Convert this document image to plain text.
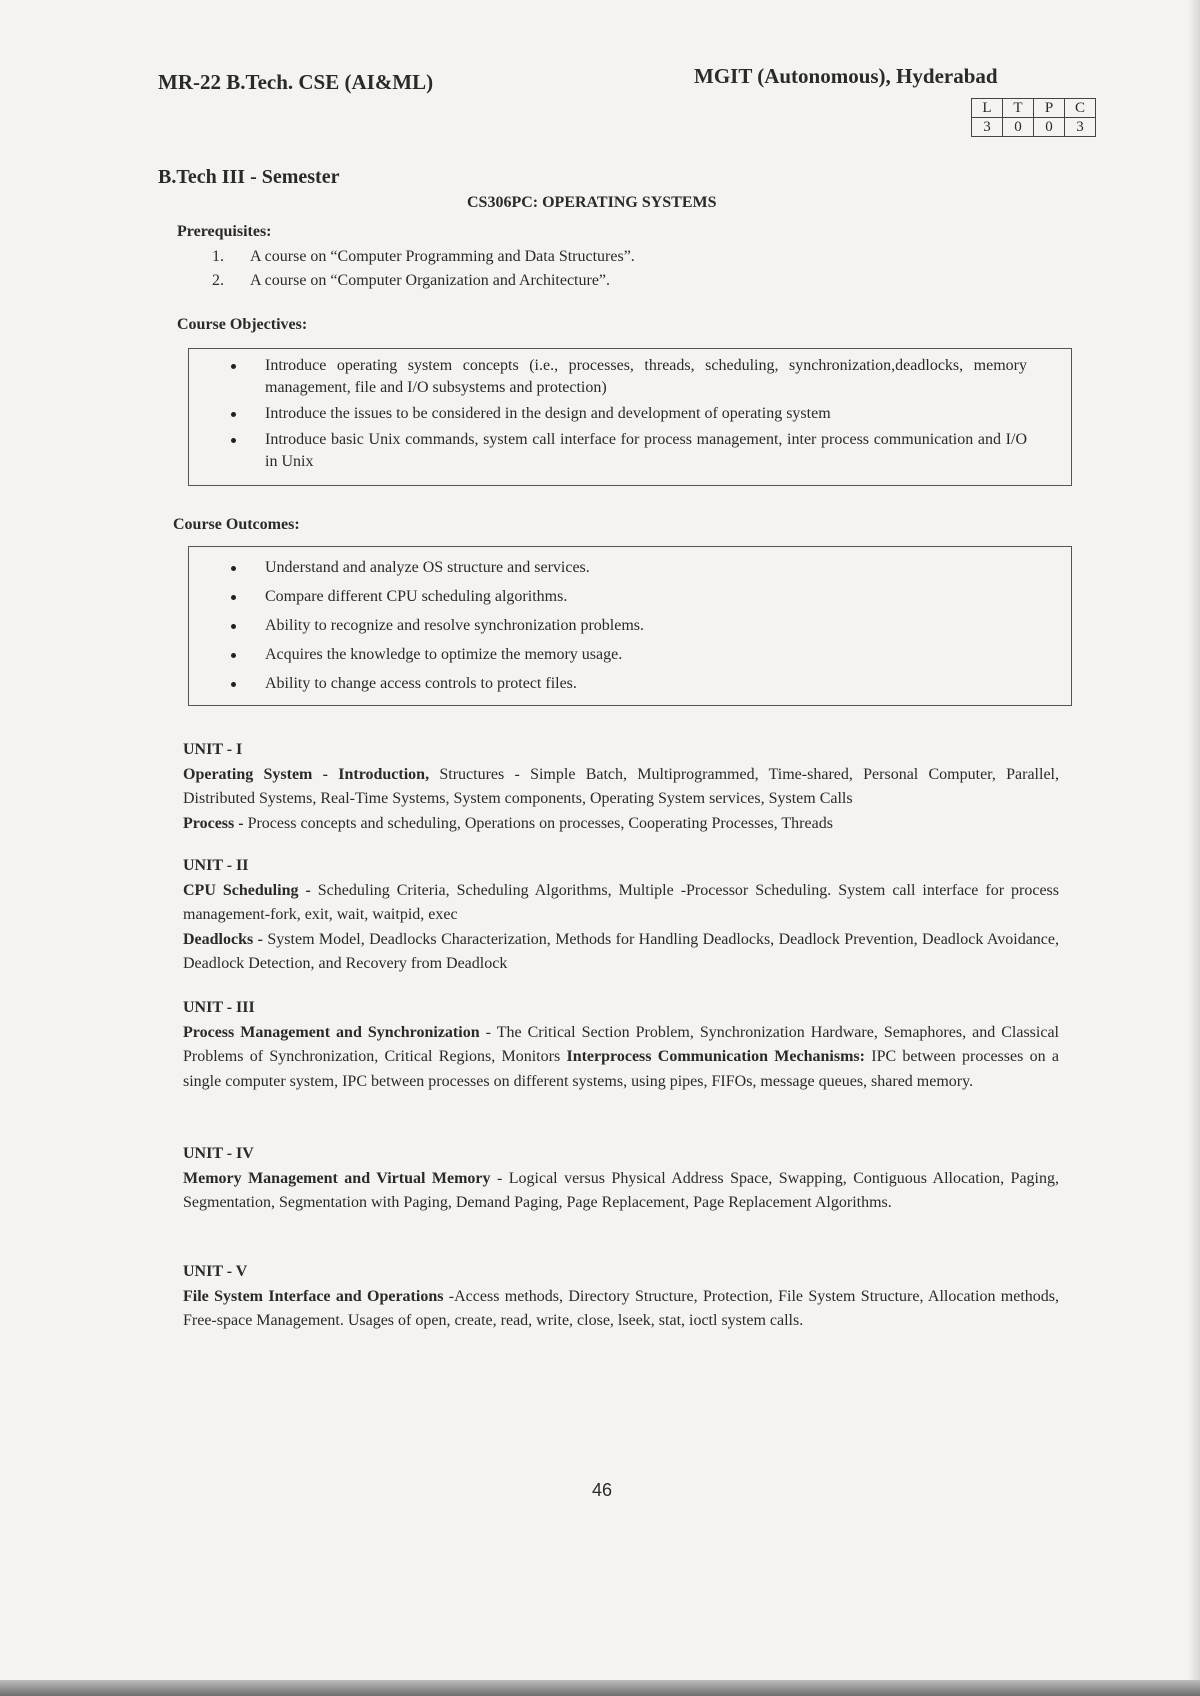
MR-22 B.Tech. CSE (AI&ML)	MGIT (Autonomous), Hyderabad
L	T	P	C
3	0	0	3
B.Tech III - Semester
CS306PC: OPERATING SYSTEMS
Prerequisites:
1. A course on “Computer Programming and Data Structures”.
2. A course on “Computer Organization and Architecture”.
Course Objectives:
Introduce operating system concepts (i.e., processes, threads, scheduling, synchronization,deadlocks, memory management, file and I/O subsystems and protection)
Introduce the issues to be considered in the design and development of operating system
Introduce basic Unix commands, system call interface for process management, inter process communication and I/O in Unix
Course Outcomes:
Understand and analyze OS structure and services.
Compare different CPU scheduling algorithms.
Ability to recognize and resolve synchronization problems.
Acquires the knowledge to optimize the memory usage.
Ability to change access controls to protect files.
UNIT - I
Operating System - Introduction, Structures - Simple Batch, Multiprogrammed, Time-shared, Personal Computer, Parallel, Distributed Systems, Real-Time Systems, System components, Operating System services, System Calls
Process - Process concepts and scheduling, Operations on processes, Cooperating Processes, Threads
UNIT - II
CPU Scheduling - Scheduling Criteria, Scheduling Algorithms, Multiple -Processor Scheduling. System call interface for process management-fork, exit, wait, waitpid, exec
Deadlocks - System Model, Deadlocks Characterization, Methods for Handling Deadlocks, Deadlock Prevention, Deadlock Avoidance, Deadlock Detection, and Recovery from Deadlock
UNIT - III
Process Management and Synchronization - The Critical Section Problem, Synchronization Hardware, Semaphores, and Classical Problems of Synchronization, Critical Regions, Monitors Interprocess Communication Mechanisms: IPC between processes on a single computer system, IPC between processes on different systems, using pipes, FIFOs, message queues, shared memory.
UNIT - IV
Memory Management and Virtual Memory - Logical versus Physical Address Space, Swapping, Contiguous Allocation, Paging, Segmentation, Segmentation with Paging, Demand Paging, Page Replacement, Page Replacement Algorithms.
UNIT - V
File System Interface and Operations -Access methods, Directory Structure, Protection, File System Structure, Allocation methods, Free-space Management. Usages of open, create, read, write, close, lseek, stat, ioctl system calls.
46
